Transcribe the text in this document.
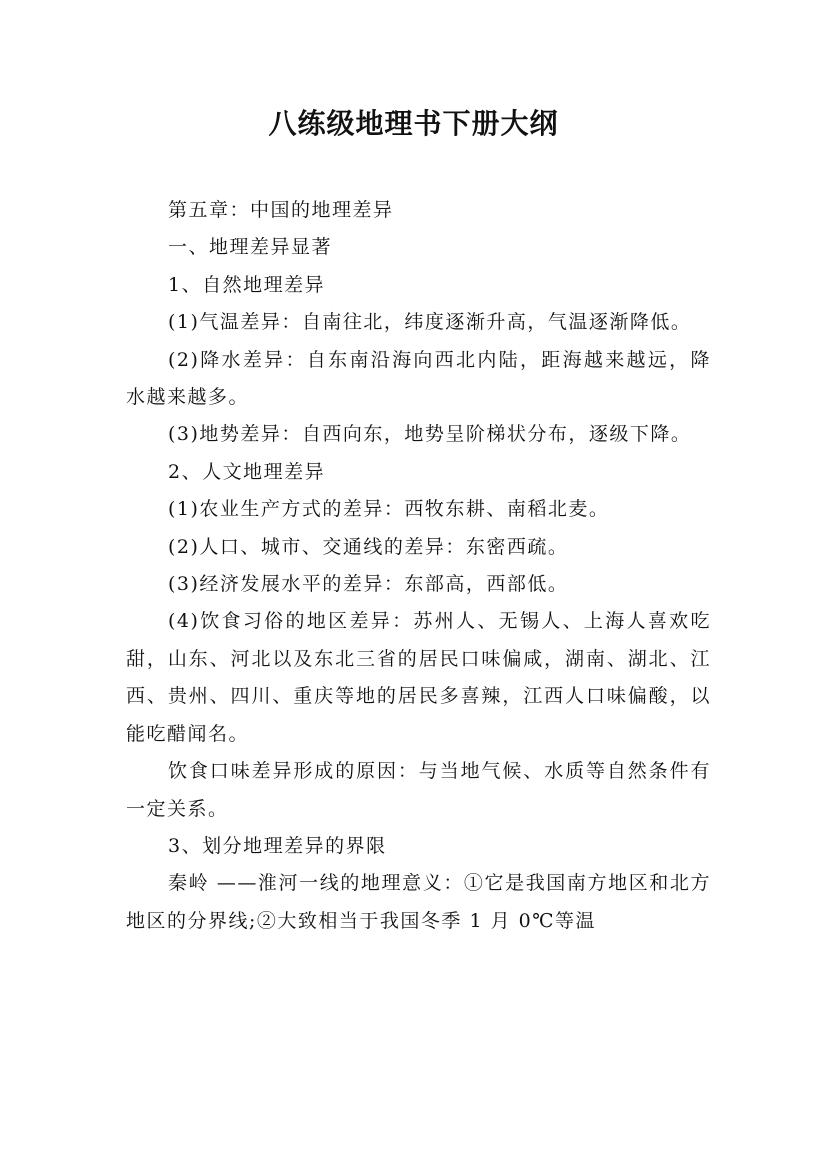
八练级地理书下册大纲

第五章：中国的地理差异

一、地理差异显著

1、自然地理差异

(1)气温差异：自南往北，纬度逐渐升高，气温逐渐降低。

(2)降水差异：自东南沿海向西北内陆，距海越来越远，降水越来越多。

(3)地势差异：自西向东，地势呈阶梯状分布，逐级下降。

2、人文地理差异

(1)农业生产方式的差异：西牧东耕、南稻北麦。

(2)人口、城市、交通线的差异：东密西疏。

(3)经济发展水平的差异：东部高，西部低。

(4)饮食习俗的地区差异：苏州人、无锡人、上海人喜欢吃甜，山东、河北以及东北三省的居民口味偏咸，湖南、湖北、江西、贵州、四川、重庆等地的居民多喜辣，江西人口味偏酸，以能吃醋闻名。

饮食口味差异形成的原因：与当地气候、水质等自然条件有一定关系。

3、划分地理差异的界限

秦岭 ——淮河一线的地理意义：①它是我国南方地区和北方地区的分界线;②大致相当于我国冬季 1 月 0℃等温
